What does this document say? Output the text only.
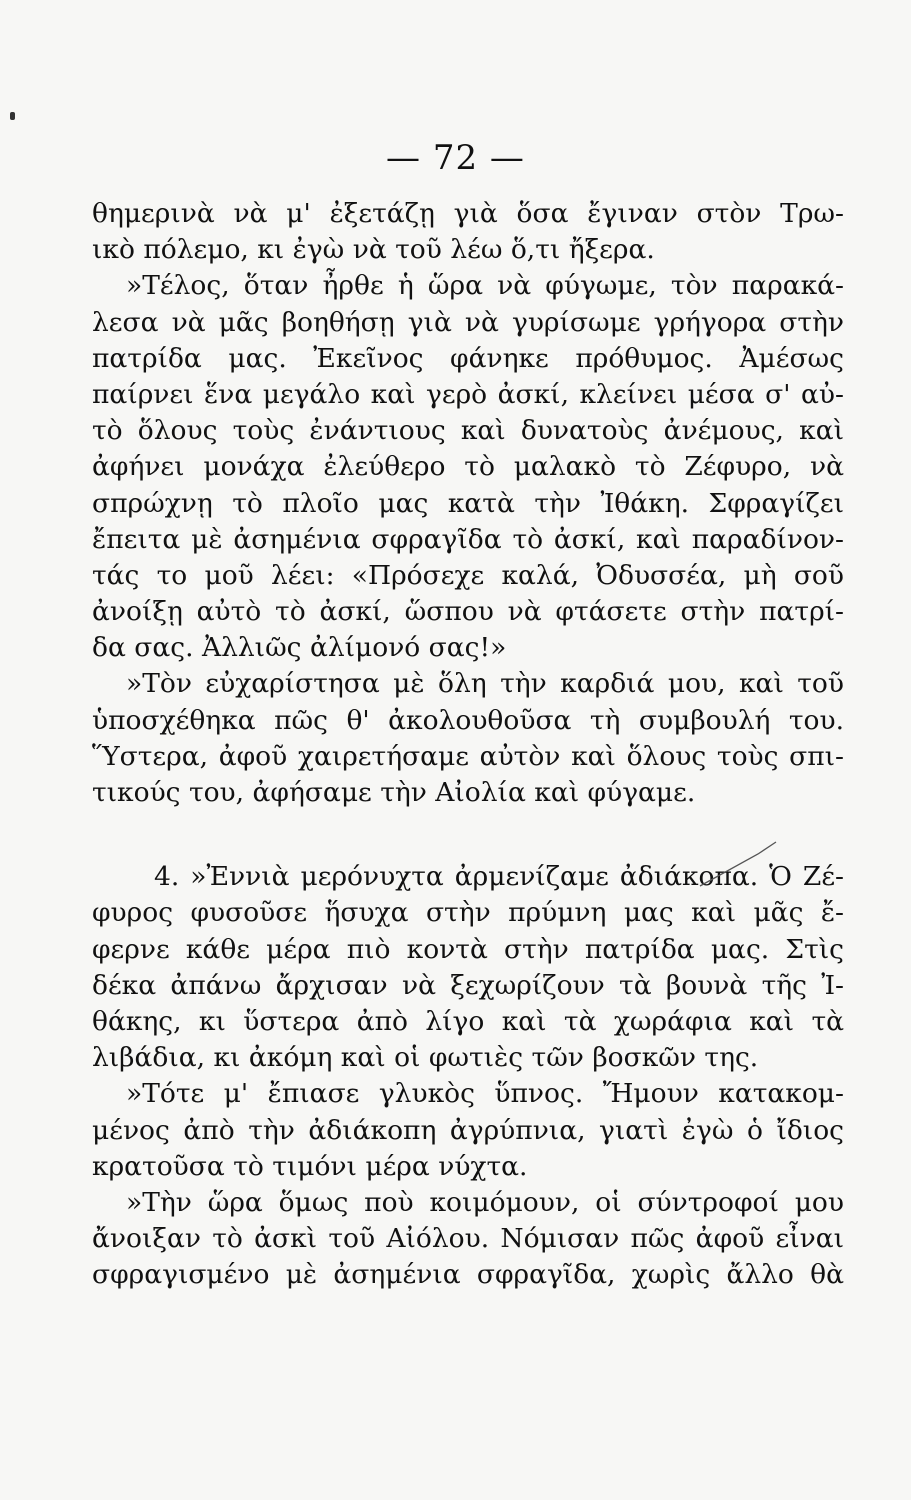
— 72 —
θημερινὰ νὰ μ' ἐξετάζῃ γιὰ ὅσα ἔγιναν στὸν Τρω-
ικὸ πόλεμο, κι ἐγὼ νὰ τοῦ λέω ὅ,τι ἤξερα.
»Τέλος, ὅταν ἦρθε ἡ ὥρα νὰ φύγωμε, τὸν παρακά-
λεσα νὰ μᾶς βοηθήσῃ γιὰ νὰ γυρίσωμε γρήγορα στὴν
πατρίδα μας. Ἐκεῖνος φάνηκε πρόθυμος. Ἀμέσως
παίρνει ἕνα μεγάλο καὶ γερὸ ἀσκί, κλείνει μέσα σ' αὐ-
τὸ ὅλους τοὺς ἐνάντιους καὶ δυνατοὺς ἀνέμους, καὶ
ἀφήνει μονάχα ἐλεύθερο τὸ μαλακὸ τὸ Ζέφυρο, νὰ
σπρώχνῃ τὸ πλοῖο μας κατὰ τὴν Ἰθάκη. Σφραγίζει
ἔπειτα μὲ ἀσημένια σφραγῖδα τὸ ἀσκί, καὶ παραδίνον-
τάς το μοῦ λέει: «Πρόσεχε καλά, Ὀδυσσέα, μὴ σοῦ
ἀνοίξῃ αὐτὸ τὸ ἀσκί, ὥσπου νὰ φτάσετε στὴν πατρί-
δα σας. Ἀλλιῶς ἀλίμονό σας!»
»Τὸν εὐχαρίστησα μὲ ὅλη τὴν καρδιά μου, καὶ τοῦ
ὑποσχέθηκα πῶς θ' ἀκολουθοῦσα τὴ συμβουλή του.
Ὕστερα, ἀφοῦ χαιρετήσαμε αὐτὸν καὶ ὅλους τοὺς σπι-
τικούς του, ἀφήσαμε τὴν Αἰολία καὶ φύγαμε.
4. »Ἐννιὰ μερόνυχτα ἀρμενίζαμε ἀδιάκοπα. Ὁ Ζέ-
φυρος φυσοῦσε ἥσυχα στὴν πρύμνη μας καὶ μᾶς ἔ-
φερνε κάθε μέρα πιὸ κοντὰ στὴν πατρίδα μας. Στὶς
δέκα ἀπάνω ἄρχισαν νὰ ξεχωρίζουν τὰ βουνὰ τῆς Ἰ-
θάκης, κι ὕστερα ἀπὸ λίγο καὶ τὰ χωράφια καὶ τὰ
λιβάδια, κι ἀκόμη καὶ οἱ φωτιὲς τῶν βοσκῶν της.
»Τότε μ' ἔπιασε γλυκὸς ὕπνος. Ἤμουν κατακομ-
μένος ἀπὸ τὴν ἀδιάκοπη ἀγρύπνια, γιατὶ ἐγὼ ὁ ἴδιος
κρατοῦσα τὸ τιμόνι μέρα νύχτα.
»Τὴν ὥρα ὅμως ποὺ κοιμόμουν, οἱ σύντροφοί μου
ἄνοιξαν τὸ ἀσκὶ τοῦ Αἰόλου. Νόμισαν πῶς ἀφοῦ εἶναι
σφραγισμένο μὲ ἀσημένια σφραγῖδα, χωρὶς ἄλλο θὰ
